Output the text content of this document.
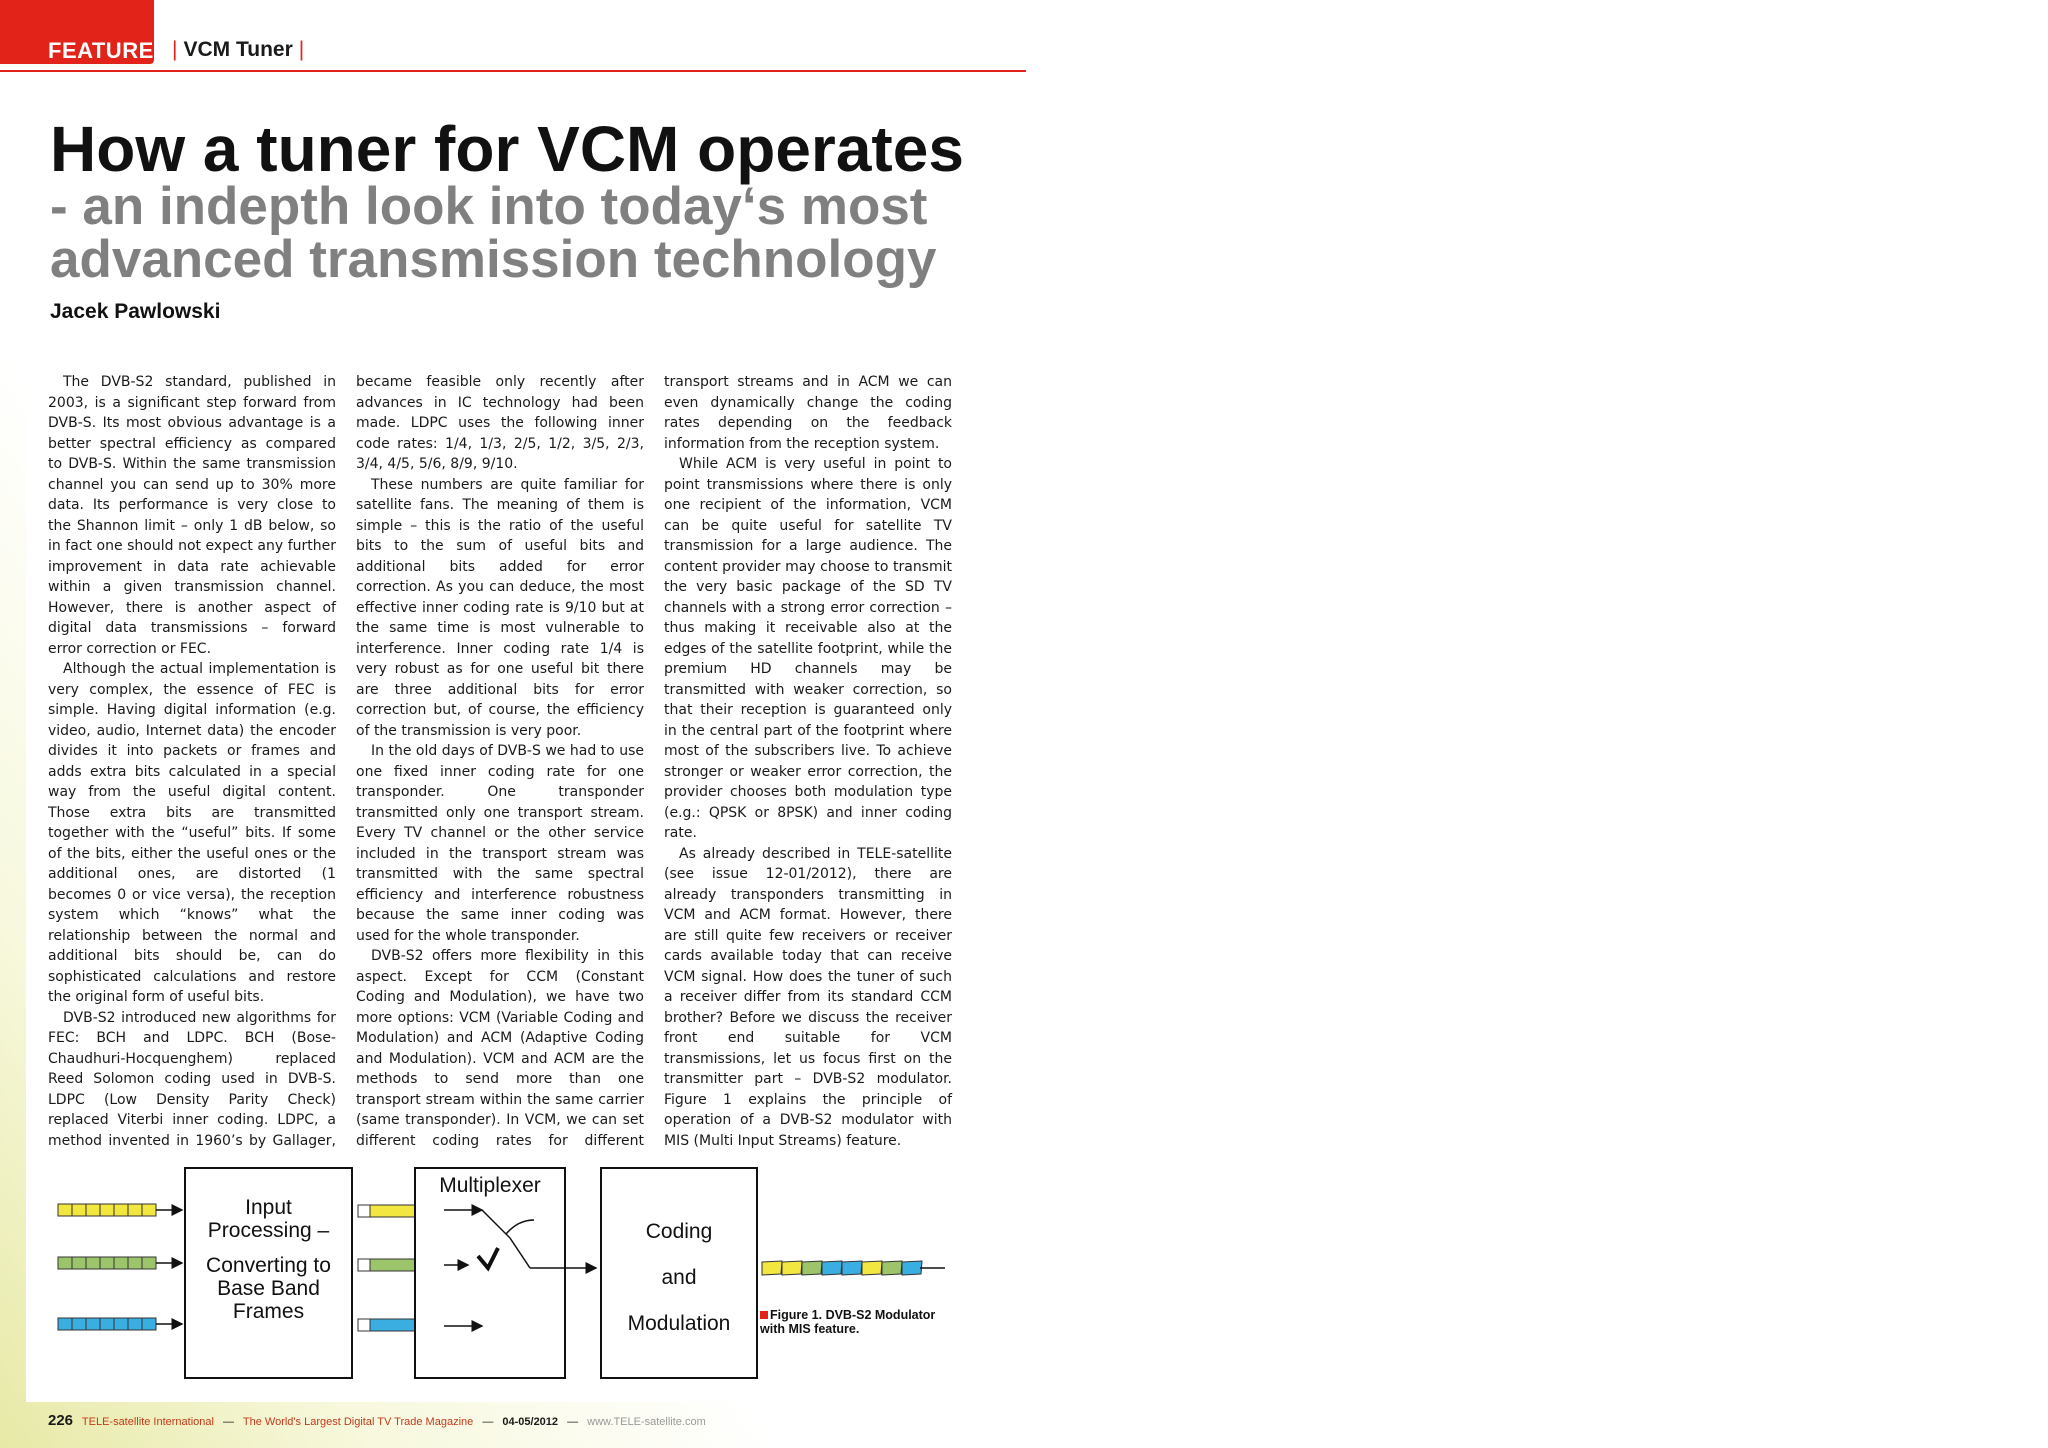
FEATURE | VCM Tuner |
How a tuner for VCM operates
- an indepth look into today‘s most advanced transmission technology
Jacek Pawlowski

The DVB-S2 standard, published in 2003, is a significant step forward from DVB-S. Its most obvious advantage is a better spectral efficiency as compared to DVB-S. Within the same transmission channel you can send up to 30% more data. Its performance is very close to the Shannon limit – only 1 dB below, so in fact one should not expect any further improvement in data rate achievable within a given transmission channel. However, there is another aspect of digital data transmissions – forward error correction or FEC.

Although the actual implementation is very complex, the essence of FEC is simple. Having digital information (e.g. video, audio, Internet data) the encoder divides it into packets or frames and adds extra bits calculated in a special way from the useful digital content. Those extra bits are transmitted together with the “useful” bits. If some of the bits, either the useful ones or the additional ones, are distorted (1 becomes 0 or vice versa), the reception system which “knows” what the relationship between the normal and additional bits should be, can do sophisticated calculations and restore the original form of useful bits.

DVB-S2 introduced new algorithms for FEC: BCH and LDPC. BCH (Bose-Chaudhuri-Hocquenghem) replaced Reed Solomon coding used in DVB-S. LDPC (Low Density Parity Check) replaced Viterbi inner coding. LDPC, a method invented in 1960’s by Gallager, became feasible only recently after advances in IC technology had been made. LDPC uses the following inner code rates: 1/4, 1/3, 2/5, 1/2, 3/5, 2/3, 3/4, 4/5, 5/6, 8/9, 9/10.

These numbers are quite familiar for satellite fans. The meaning of them is simple – this is the ratio of the useful bits to the sum of useful bits and additional bits added for error correction. As you can deduce, the most effective inner coding rate is 9/10 but at the same time is most vulnerable to interference. Inner coding rate 1/4 is very robust as for one useful bit there are three additional bits for error correction but, of course, the efficiency of the transmission is very poor.

In the old days of DVB-S we had to use one fixed inner coding rate for one transponder. One transponder transmitted only one transport stream. Every TV channel or the other service included in the transport stream was transmitted with the same spectral efficiency and interference robustness because the same inner coding was used for the whole transponder.

DVB-S2 offers more flexibility in this aspect. Except for CCM (Constant Coding and Modulation), we have two more options: VCM (Variable Coding and Modulation) and ACM (Adaptive Coding and Modulation). VCM and ACM are the methods to send more than one transport stream within the same carrier (same transponder). In VCM, we can set different coding rates for different transport streams and in ACM we can even dynamically change the coding rates depending on the feedback information from the reception system.

While ACM is very useful in point to point transmissions where there is only one recipient of the information, VCM can be quite useful for satellite TV transmission for a large audience. The content provider may choose to transmit the very basic package of the SD TV channels with a strong error correction – thus making it receivable also at the edges of the satellite footprint, while the premium HD channels may be transmitted with weaker correction, so that their reception is guaranteed only in the central part of the footprint where most of the subscribers live. To achieve stronger or weaker error correction, the provider chooses both modulation type (e.g.: QPSK or 8PSK) and inner coding rate.

As already described in TELE-satellite (see issue 12-01/2012), there are already transponders transmitting in VCM and ACM format. However, there are still quite few receivers or receiver cards available today that can receive VCM signal. How does the tuner of such a receiver differ from its standard CCM brother? Before we discuss the receiver front end suitable for VCM transmissions, let us focus first on the transmitter part – DVB-S2 modulator. Figure 1 explains the principle of operation of a DVB-S2 modulator with MIS (Multi Input Streams) feature.

Input
Processing –
Converting to
Base Band
Frames
Multiplexer
Coding
and
Modulation	Figure 1. DVB-S2 Modulator with MIS feature.
226 TELE-satellite International — The World's Largest Digital TV Trade Magazine — 04-05/2012 — www.TELE-satellite.com
